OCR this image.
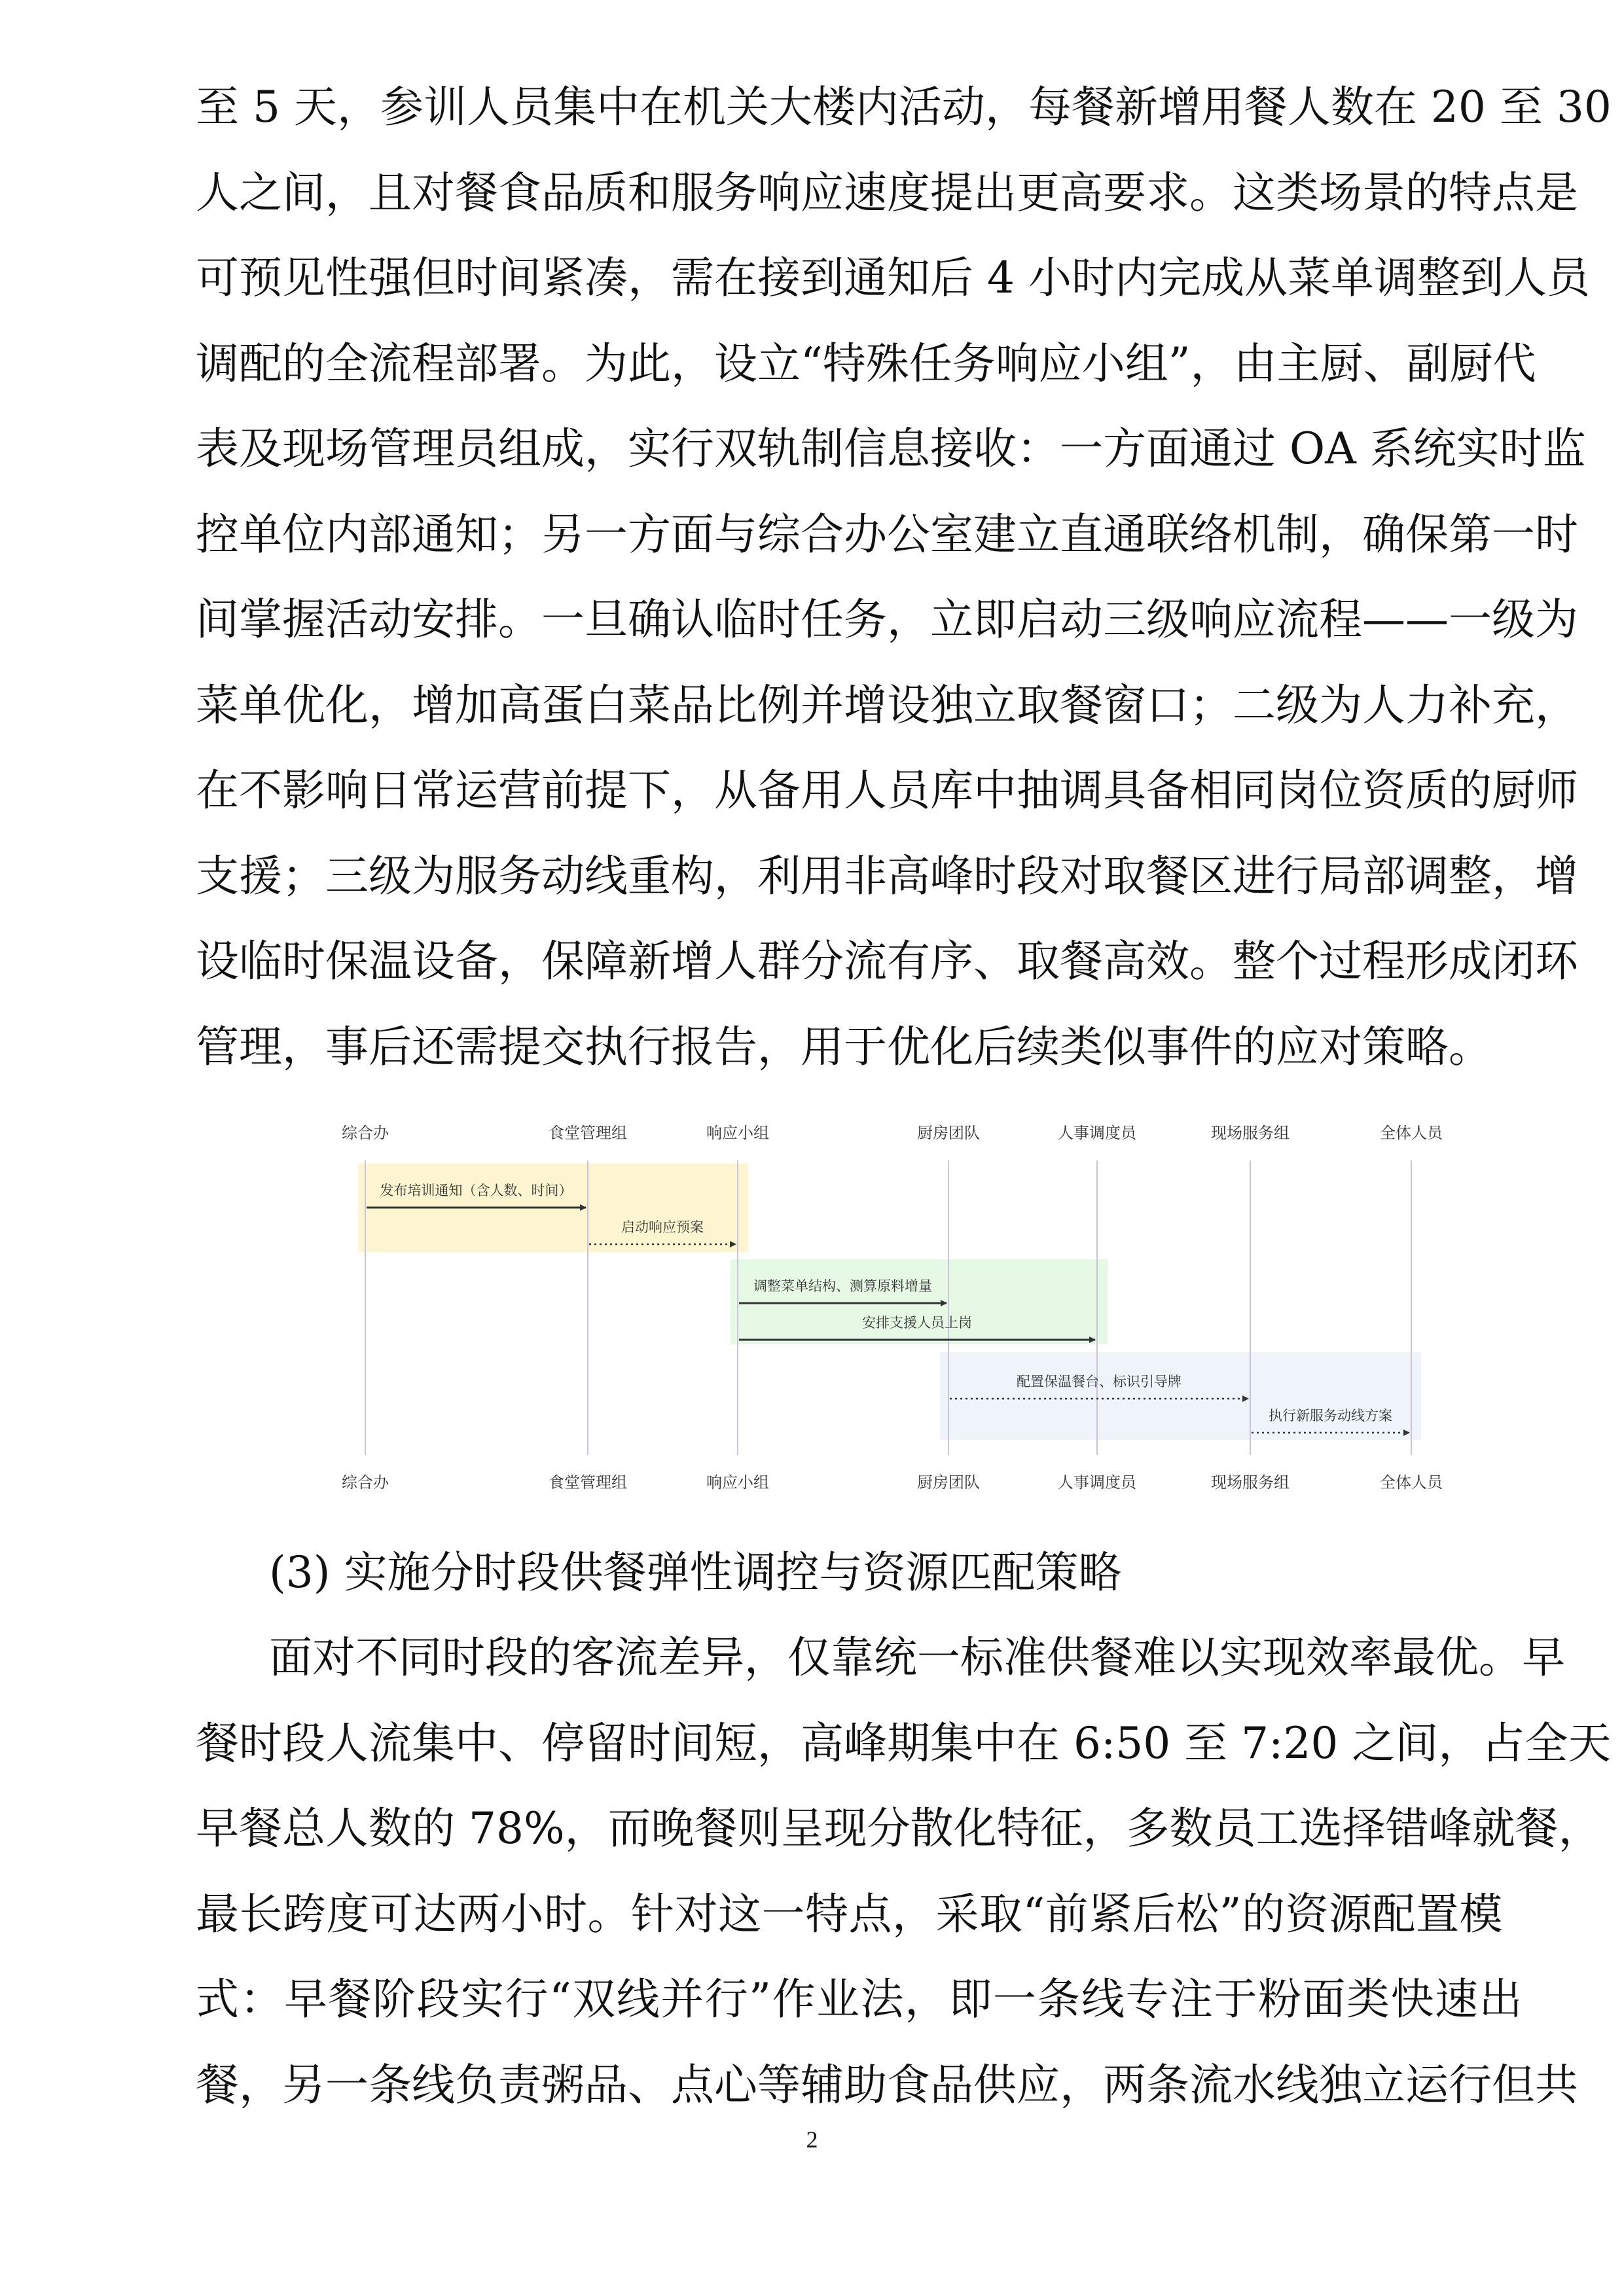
至 5 天，参训人员集中在机关大楼内活动，每餐新增用餐人数在 20 至 30
人之间，且对餐食品质和服务响应速度提出更高要求。这类场景的特点是
可预见性强但时间紧凑，需在接到通知后 4 小时内完成从菜单调整到人员
调配的全流程部署。为此，设立“特殊任务响应小组”，由主厨、副厨代
表及现场管理员组成，实行双轨制信息接收：一方面通过 OA 系统实时监
控单位内部通知；另一方面与综合办公室建立直通联络机制，确保第一时
间掌握活动安排。一旦确认临时任务，立即启动三级响应流程——一级为
菜单优化，增加高蛋白菜品比例并增设独立取餐窗口；二级为人力补充，
在不影响日常运营前提下，从备用人员库中抽调具备相同岗位资质的厨师
支援；三级为服务动线重构，利用非高峰时段对取餐区进行局部调整，增
设临时保温设备，保障新增人群分流有序、取餐高效。整个过程形成闭环
管理，事后还需提交执行报告，用于优化后续类似事件的应对策略。
综合办
综合办
食堂管理组
食堂管理组
响应小组
响应小组
厨房团队
厨房团队
人事调度员
人事调度员
现场服务组
现场服务组
全体人员
全体人员
发布培训通知（含人数、时间）
启动响应预案
调整菜单结构、测算原料增量
安排支援人员上岗
配置保温餐台、标识引导牌
执行新服务动线方案
(3) 实施分时段供餐弹性调控与资源匹配策略
面对不同时段的客流差异，仅靠统一标准供餐难以实现效率最优。早
餐时段人流集中、停留时间短，高峰期集中在 6:50 至 7:20 之间，占全天
早餐总人数的 78%，而晚餐则呈现分散化特征，多数员工选择错峰就餐，
最长跨度可达两小时。针对这一特点，采取“前紧后松”的资源配置模
式：早餐阶段实行“双线并行”作业法，即一条线专注于粉面类快速出
餐，另一条线负责粥品、点心等辅助食品供应，两条流水线独立运行但共
2
